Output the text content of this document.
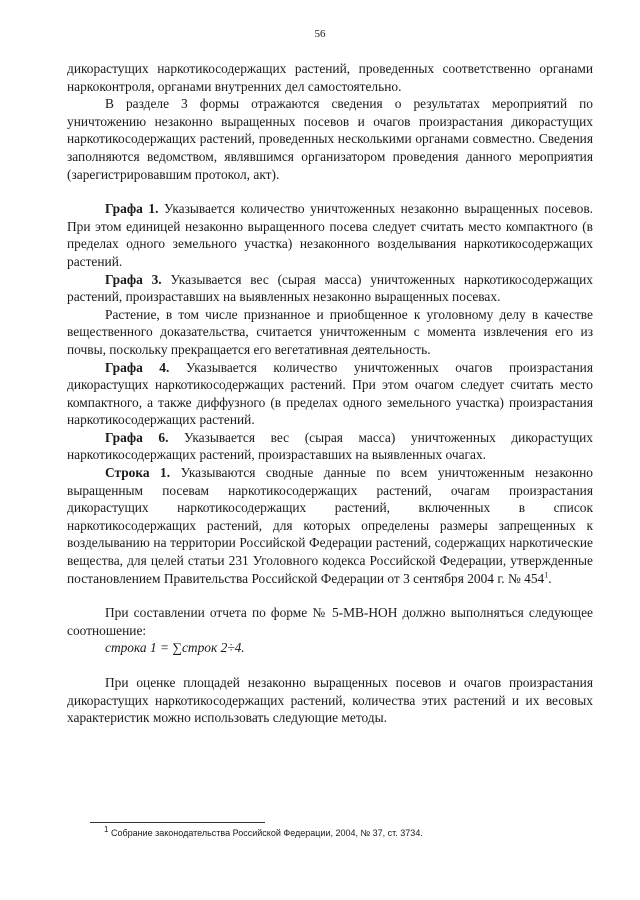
56

дикорастущих наркотикосодержащих растений, проведенных соответственно органами наркоконтроля, органами внутренних дел самостоятельно.

В разделе 3 формы отражаются сведения о результатах мероприятий по уничтожению незаконно выращенных посевов и очагов произрастания дикорастущих наркотикосодержащих растений, проведенных несколькими органами совместно. Сведения заполняются ведомством, являвшимся организатором проведения данного мероприятия (зарегистрировавшим протокол, акт).

Графа 1. Указывается количество уничтоженных незаконно выращенных посевов. При этом единицей незаконно выращенного посева следует считать место компактного (в пределах одного земельного участка) незаконного возделывания наркотикосодержащих растений.

Графа 3. Указывается вес (сырая масса) уничтоженных наркотикосодержащих растений, произраставших на выявленных незаконно выращенных посевах.

Растение, в том числе признанное и приобщенное к уголовному делу в качестве вещественного доказательства, считается уничтоженным с момента извлечения его из почвы, поскольку прекращается его вегетативная деятельность.

Графа 4. Указывается количество уничтоженных очагов произрастания дикорастущих наркотикосодержащих растений. При этом очагом следует считать место компактного, а также диффузного (в пределах одного земельного участка) произрастания наркотикосодержащих растений.

Графа 6. Указывается вес (сырая масса) уничтоженных дикорастущих наркотикосодержащих растений, произраставших на выявленных очагах.

Строка 1. Указываются сводные данные по всем уничтоженным незаконно выращенным посевам наркотикосодержащих растений, очагам произрастания дикорастущих наркотикосодержащих растений, включенных в список наркотикосодержащих растений, для которых определены размеры запрещенных к возделыванию на территории Российской Федерации растений, содержащих наркотические вещества, для целей статьи 231 Уголовного кодекса Российской Федерации, утвержденные постановлением Правительства Российской Федерации от 3 сентября 2004 г. № $454^1$.

При составлении отчета по форме № 5-МВ-НОН должно выполняться следующее соотношение:

строка 1 = ∑строк 2÷4.

При оценке площадей незаконно выращенных посевов и очагов произрастания дикорастущих наркотикосодержащих растений, количества этих растений и их весовых характеристик можно использовать следующие методы.

$^1$ Собрание законодательства Российской Федерации, 2004, № 37, ст. 3734.
